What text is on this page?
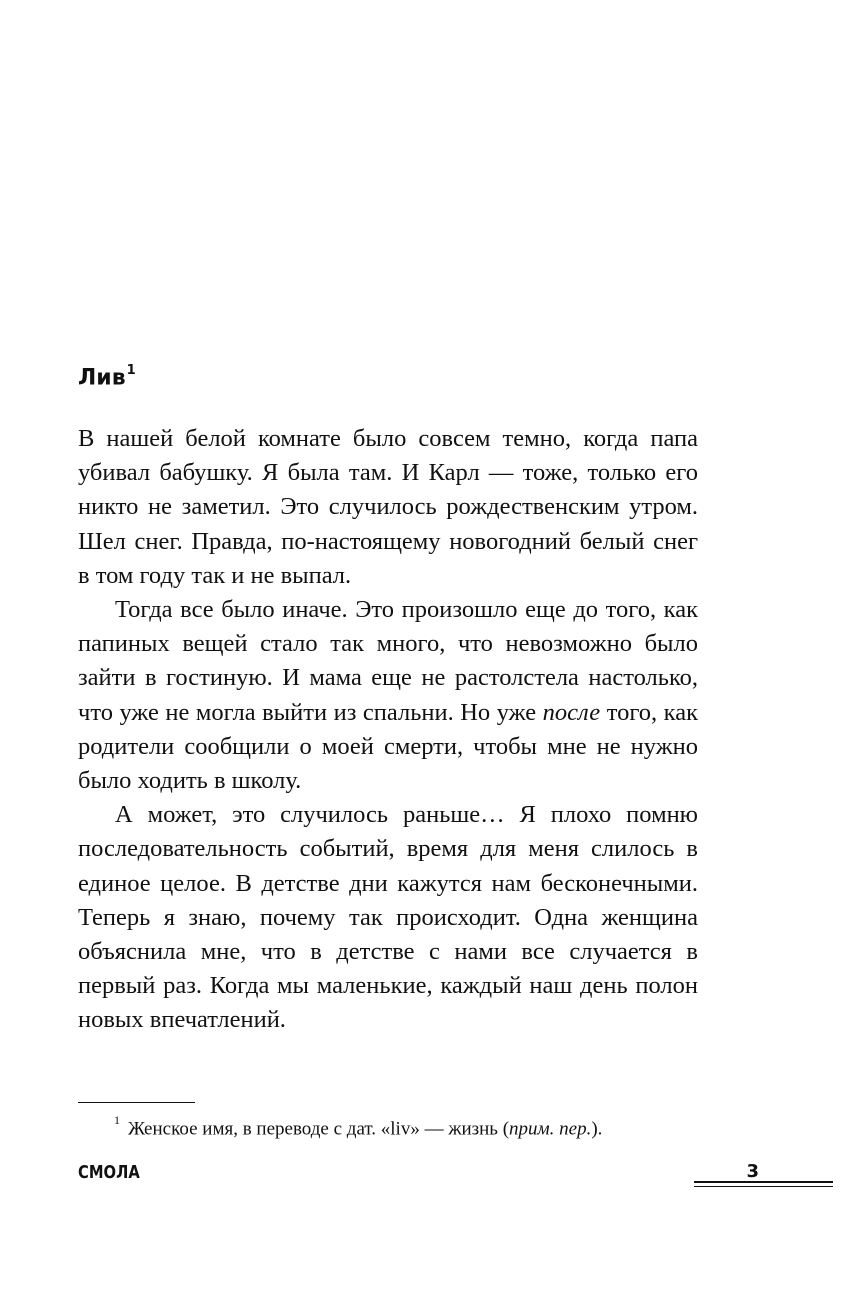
Лив$^1$

В нашей белой комнате было совсем темно, когда папа убивал бабушку. Я была там. И Карл — тоже, только его никто не заметил. Это случилось рождественским утром. Шел снег. Правда, по-настоящему новогодний белый снег в том году так и не выпал.

Тогда все было иначе. Это произошло еще до того, как папиных вещей стало так много, что невозможно было зайти в гостиную. И мама еще не растолстела настолько, что уже не могла выйти из спальни. Но уже после того, как родители сообщили о моей смерти, чтобы мне не нужно было ходить в школу.

А может, это случилось раньше… Я плохо помню последовательность событий, время для меня слилось в единое целое. В детстве дни кажутся нам бесконечными. Теперь я знаю, почему так происходит. Одна женщина объяснила мне, что в детстве с нами все случается в первый раз. Когда мы маленькие, каждый наш день полон новых впечатлений.

$^1$ Женское имя, в переводе с дат. «liv» — жизнь (прим. пер.).
СМОЛА	3
